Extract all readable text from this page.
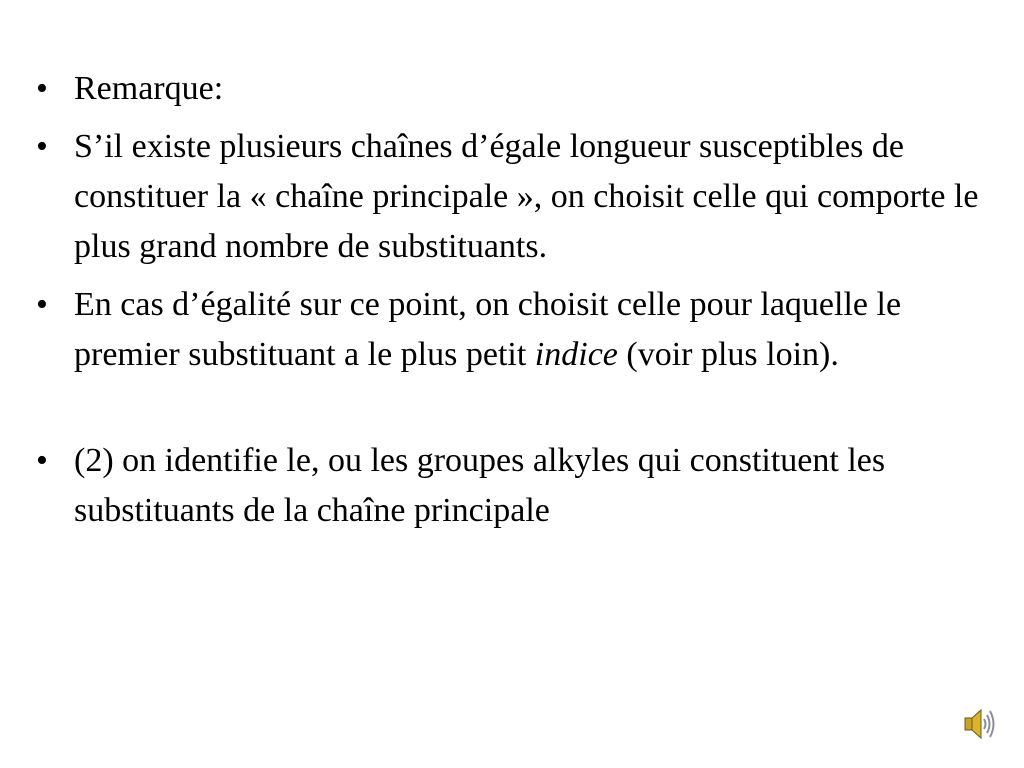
• Remarque:
• S’il existe plusieurs chaînes d’égale longueur susceptibles de constituer la « chaîne principale », on choisit celle qui comporte le plus grand nombre de substituants.
• En cas d’égalité sur ce point, on choisit celle pour laquelle le premier substituant a le plus petit indice (voir plus loin).
• (2) on identifie le, ou les groupes alkyles qui constituent les substituants de la chaîne principale
